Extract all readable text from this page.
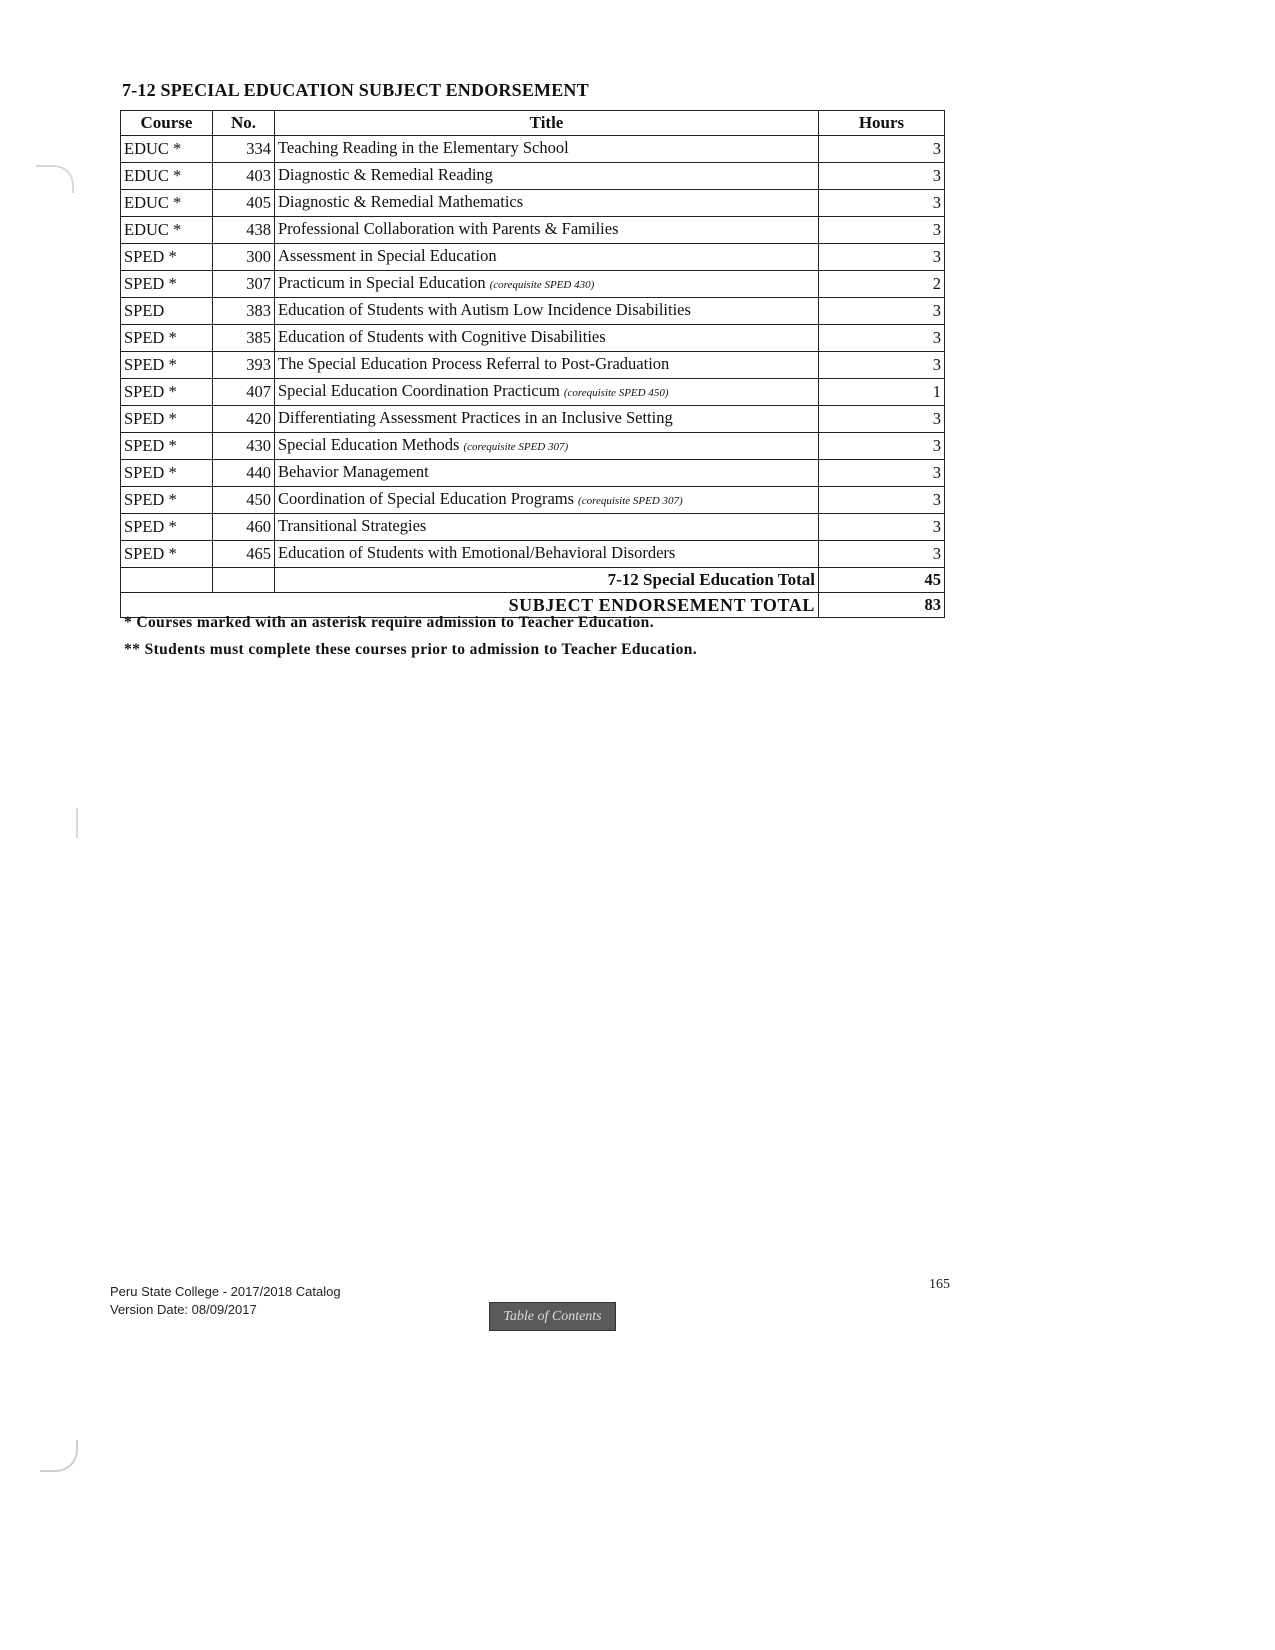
7-12 SPECIAL EDUCATION SUBJECT ENDORSEMENT
Course	No.	Title	Hours
EDUC *	334	Teaching Reading in the Elementary School	3
EDUC *	403	Diagnostic & Remedial Reading	3
EDUC *	405	Diagnostic & Remedial Mathematics	3
EDUC *	438	Professional Collaboration with Parents & Families	3
SPED *	300	Assessment in Special Education	3
SPED *	307	Practicum in Special Education (corequisite SPED 430)	2
SPED	383	Education of Students with Autism Low Incidence Disabilities	3
SPED *	385	Education of Students with Cognitive Disabilities	3
SPED *	393	The Special Education Process Referral to Post-Graduation	3
SPED *	407	Special Education Coordination Practicum (corequisite SPED 450)	1
SPED *	420	Differentiating Assessment Practices in an Inclusive Setting	3
SPED *	430	Special Education Methods (corequisite SPED 307)	3
SPED *	440	Behavior Management	3
SPED *	450	Coordination of Special Education Programs (corequisite SPED 307)	3
SPED *	460	Transitional Strategies	3
SPED *	465	Education of Students with Emotional/Behavioral Disorders	3
		7-12 Special Education Total	45
SUBJECT ENDORSEMENT TOTAL			83
* Courses marked with an asterisk require admission to Teacher Education.
** Students must complete these courses prior to admission to Teacher Education.
Peru State College - 2017/2018 Catalog
Version Date: 08/09/2017	Table of Contents
165
